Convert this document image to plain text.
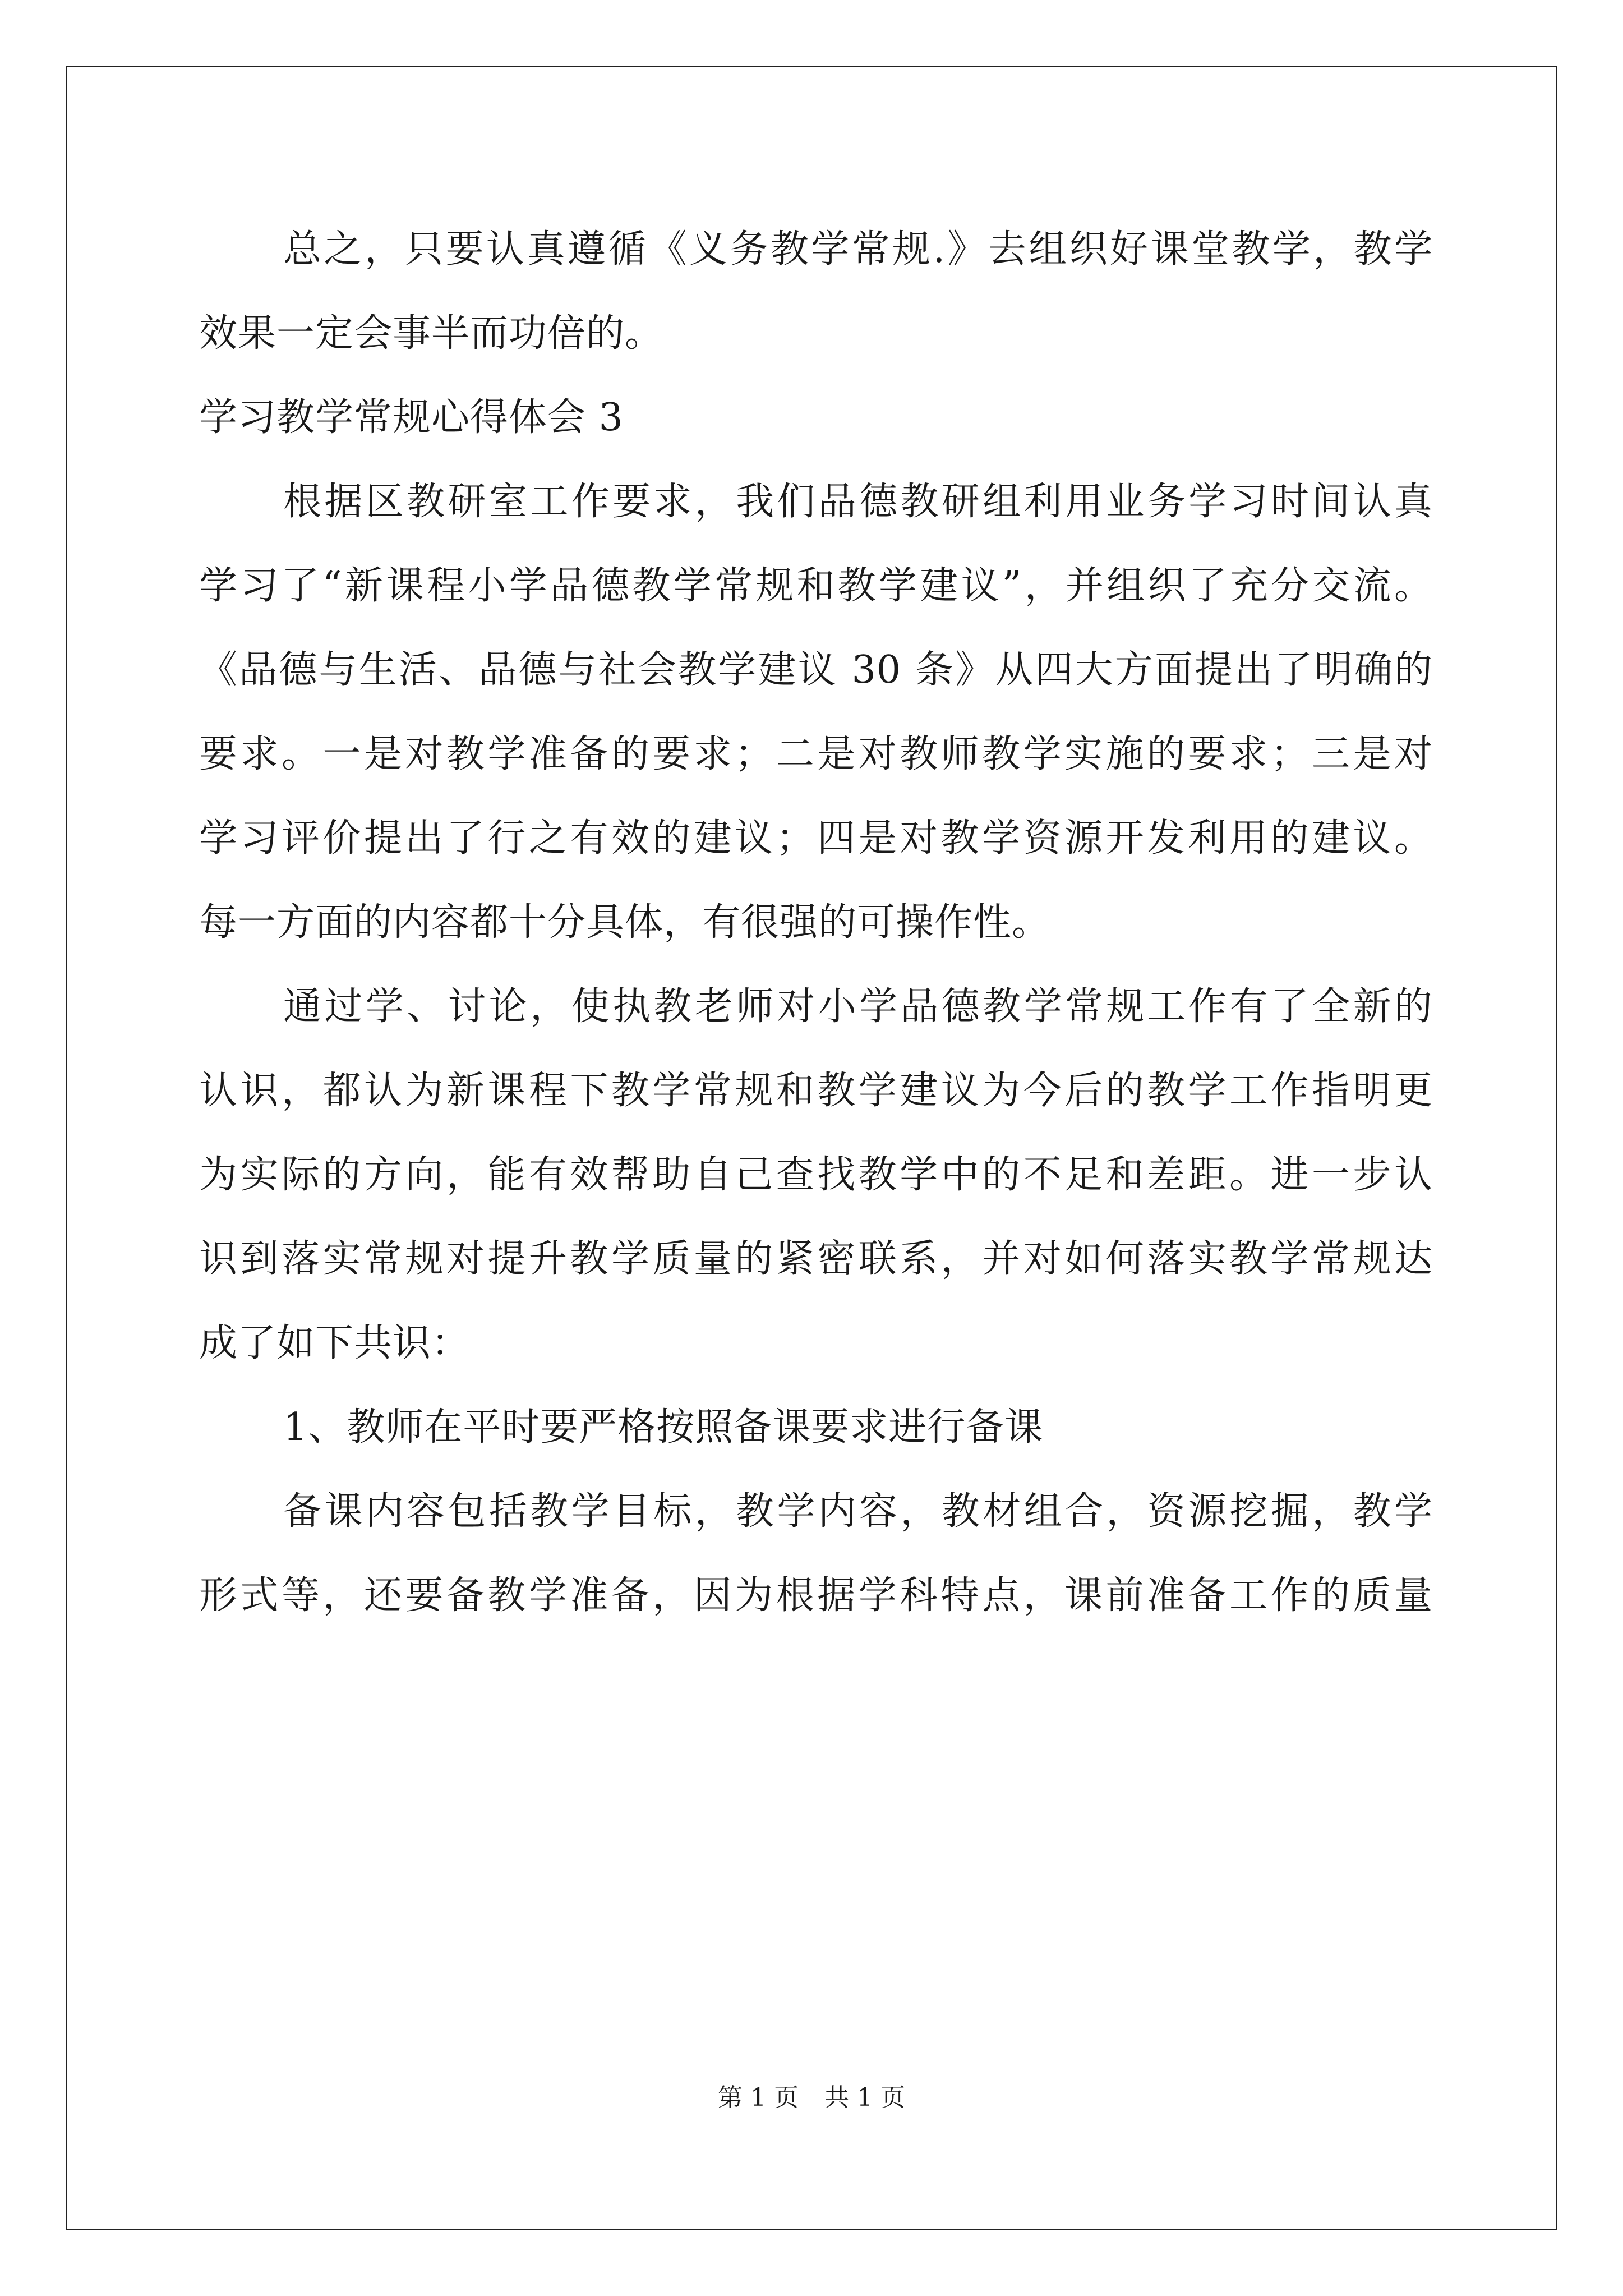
总之，只要认真遵循《义务教学常规.》去组织好课堂教学，教学
效果一定会事半而功倍的。
学习教学常规心得体会 3
根据区教研室工作要求，我们品德教研组利用业务学习时间认真
学习了“新课程小学品德教学常规和教学建议”，并组织了充分交流。
《品德与生活、品德与社会教学建议 30 条》从四大方面提出了明确的
要求。一是对教学准备的要求；二是对教师教学实施的要求；三是对
学习评价提出了行之有效的建议；四是对教学资源开发利用的建议。
每一方面的内容都十分具体，有很强的可操作性。
通过学、讨论，使执教老师对小学品德教学常规工作有了全新的
认识，都认为新课程下教学常规和教学建议为今后的教学工作指明更
为实际的方向，能有效帮助自己查找教学中的不足和差距。进一步认
识到落实常规对提升教学质量的紧密联系，并对如何落实教学常规达
成了如下共识：
1、教师在平时要严格按照备课要求进行备课
备课内容包括教学目标，教学内容，教材组合，资源挖掘，教学
形式等，还要备教学准备，因为根据学科特点，课前准备工作的质量
第 1 页 共 1 页
